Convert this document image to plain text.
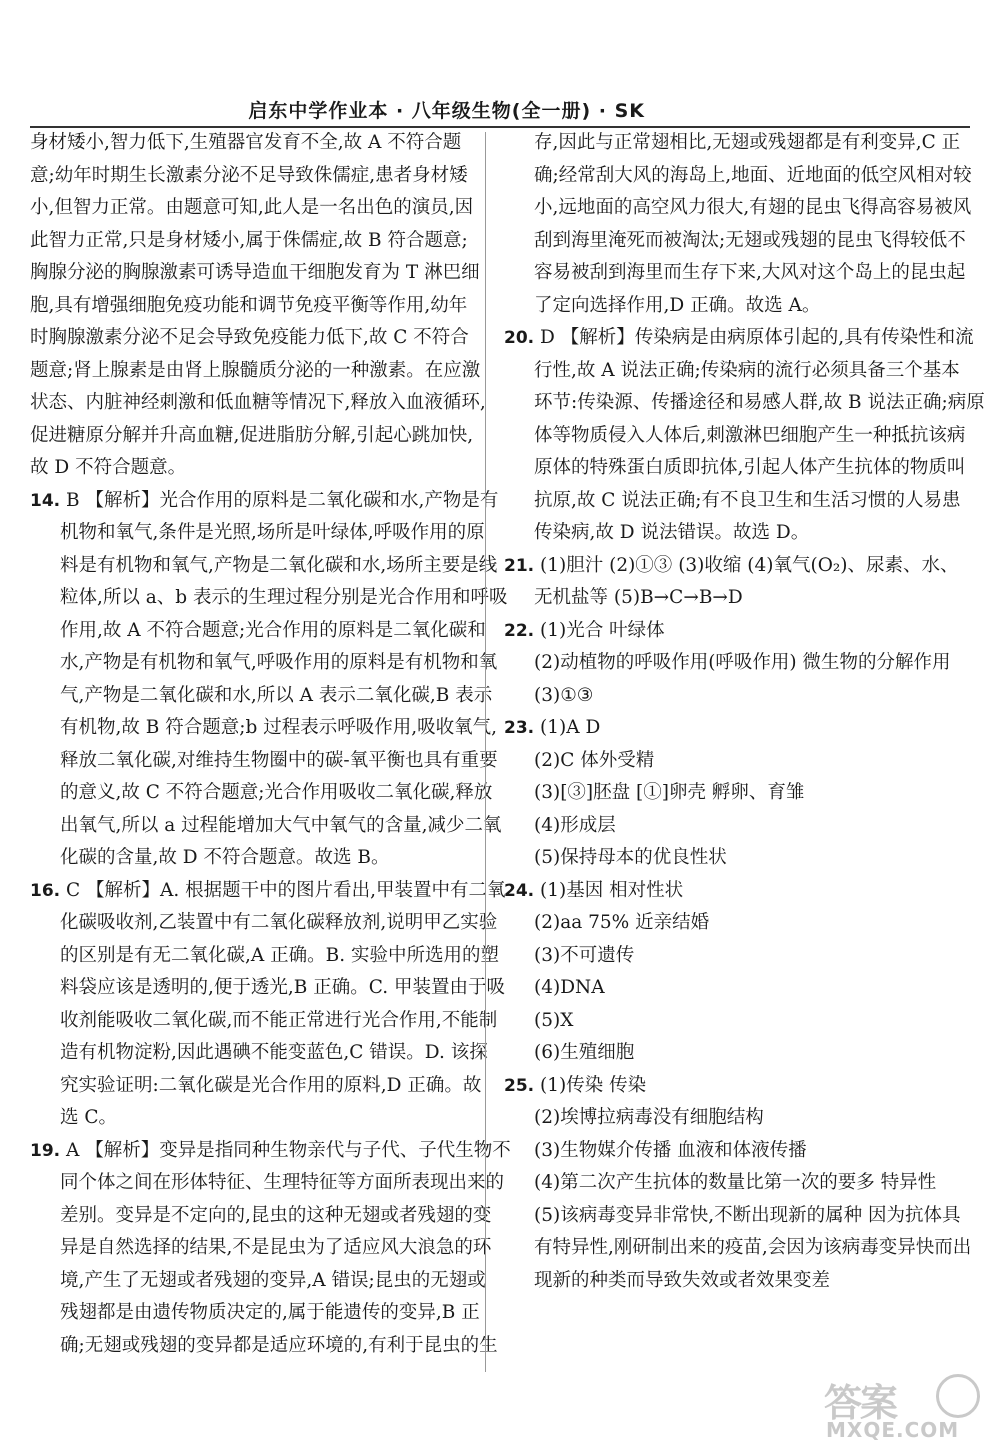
启东中学作业本 · 八年级生物(全一册) · SK
身材矮小,智力低下,生殖器官发育不全,故 A 不符合题
意;幼年时期生长激素分泌不足导致侏儒症,患者身材矮
小,但智力正常。由题意可知,此人是一名出色的演员,因
此智力正常,只是身材矮小,属于侏儒症,故 B 符合题意;
胸腺分泌的胸腺激素可诱导造血干细胞发育为 T 淋巴细
胞,具有增强细胞免疫功能和调节免疫平衡等作用,幼年
时胸腺激素分泌不足会导致免疫能力低下,故 C 不符合
题意;肾上腺素是由肾上腺髓质分泌的一种激素。在应激
状态、内脏神经刺激和低血糖等情况下,释放入血液循环,
促进糖原分解并升高血糖,促进脂肪分解,引起心跳加快,
故 D 不符合题意。
14. B 【解析】光合作用的原料是二氧化碳和水,产物是有
机物和氧气,条件是光照,场所是叶绿体,呼吸作用的原
料是有机物和氧气,产物是二氧化碳和水,场所主要是线
粒体,所以 a、b 表示的生理过程分别是光合作用和呼吸
作用,故 A 不符合题意;光合作用的原料是二氧化碳和
水,产物是有机物和氧气,呼吸作用的原料是有机物和氧
气,产物是二氧化碳和水,所以 A 表示二氧化碳,B 表示
有机物,故 B 符合题意;b 过程表示呼吸作用,吸收氧气,
释放二氧化碳,对维持生物圈中的碳-氧平衡也具有重要
的意义,故 C 不符合题意;光合作用吸收二氧化碳,释放
出氧气,所以 a 过程能增加大气中氧气的含量,减少二氧
化碳的含量,故 D 不符合题意。故选 B。
16. C 【解析】A. 根据题干中的图片看出,甲装置中有二氧
化碳吸收剂,乙装置中有二氧化碳释放剂,说明甲乙实验
的区别是有无二氧化碳,A 正确。B. 实验中所选用的塑
料袋应该是透明的,便于透光,B 正确。C. 甲装置由于吸
收剂能吸收二氧化碳,而不能正常进行光合作用,不能制
造有机物淀粉,因此遇碘不能变蓝色,C 错误。D. 该探
究实验证明:二氧化碳是光合作用的原料,D 正确。故
选 C。
19. A 【解析】变异是指同种生物亲代与子代、子代生物不
同个体之间在形体特征、生理特征等方面所表现出来的
差别。变异是不定向的,昆虫的这种无翅或者残翅的变
异是自然选择的结果,不是昆虫为了适应风大浪急的环
境,产生了无翅或者残翅的变异,A 错误;昆虫的无翅或
残翅都是由遗传物质决定的,属于能遗传的变异,B 正
确;无翅或残翅的变异都是适应环境的,有利于昆虫的生
存,因此与正常翅相比,无翅或残翅都是有利变异,C 正
确;经常刮大风的海岛上,地面、近地面的低空风相对较
小,远地面的高空风力很大,有翅的昆虫飞得高容易被风
刮到海里淹死而被淘汰;无翅或残翅的昆虫飞得较低不
容易被刮到海里而生存下来,大风对这个岛上的昆虫起
了定向选择作用,D 正确。故选 A。
20. D 【解析】传染病是由病原体引起的,具有传染性和流
行性,故 A 说法正确;传染病的流行必须具备三个基本
环节:传染源、传播途径和易感人群,故 B 说法正确;病原
体等物质侵入人体后,刺激淋巴细胞产生一种抵抗该病
原体的特殊蛋白质即抗体,引起人体产生抗体的物质叫
抗原,故 C 说法正确;有不良卫生和生活习惯的人易患
传染病,故 D 说法错误。故选 D。
21. (1)胆汁 (2)①③ (3)收缩 (4)氧气(O₂)、尿素、水、
无机盐等 (5)B→C→B→D
22. (1)光合 叶绿体
(2)动植物的呼吸作用(呼吸作用) 微生物的分解作用
(3)①③
23. (1)A D
(2)C 体外受精
(3)[③]胚盘 [①]卵壳 孵卵、育雏
(4)形成层
(5)保持母本的优良性状
24. (1)基因 相对性状
(2)aa 75% 近亲结婚
(3)不可遗传
(4)DNA
(5)X
(6)生殖细胞
25. (1)传染 传染
(2)埃博拉病毒没有细胞结构
(3)生物媒介传播 血液和体液传播
(4)第二次产生抗体的数量比第一次的要多 特异性
(5)该病毒变异非常快,不断出现新的属种 因为抗体具
有特异性,刚研制出来的疫苗,会因为该病毒变异快而出
现新的种类而导致失效或者效果变差
答案
MXQE.COM
